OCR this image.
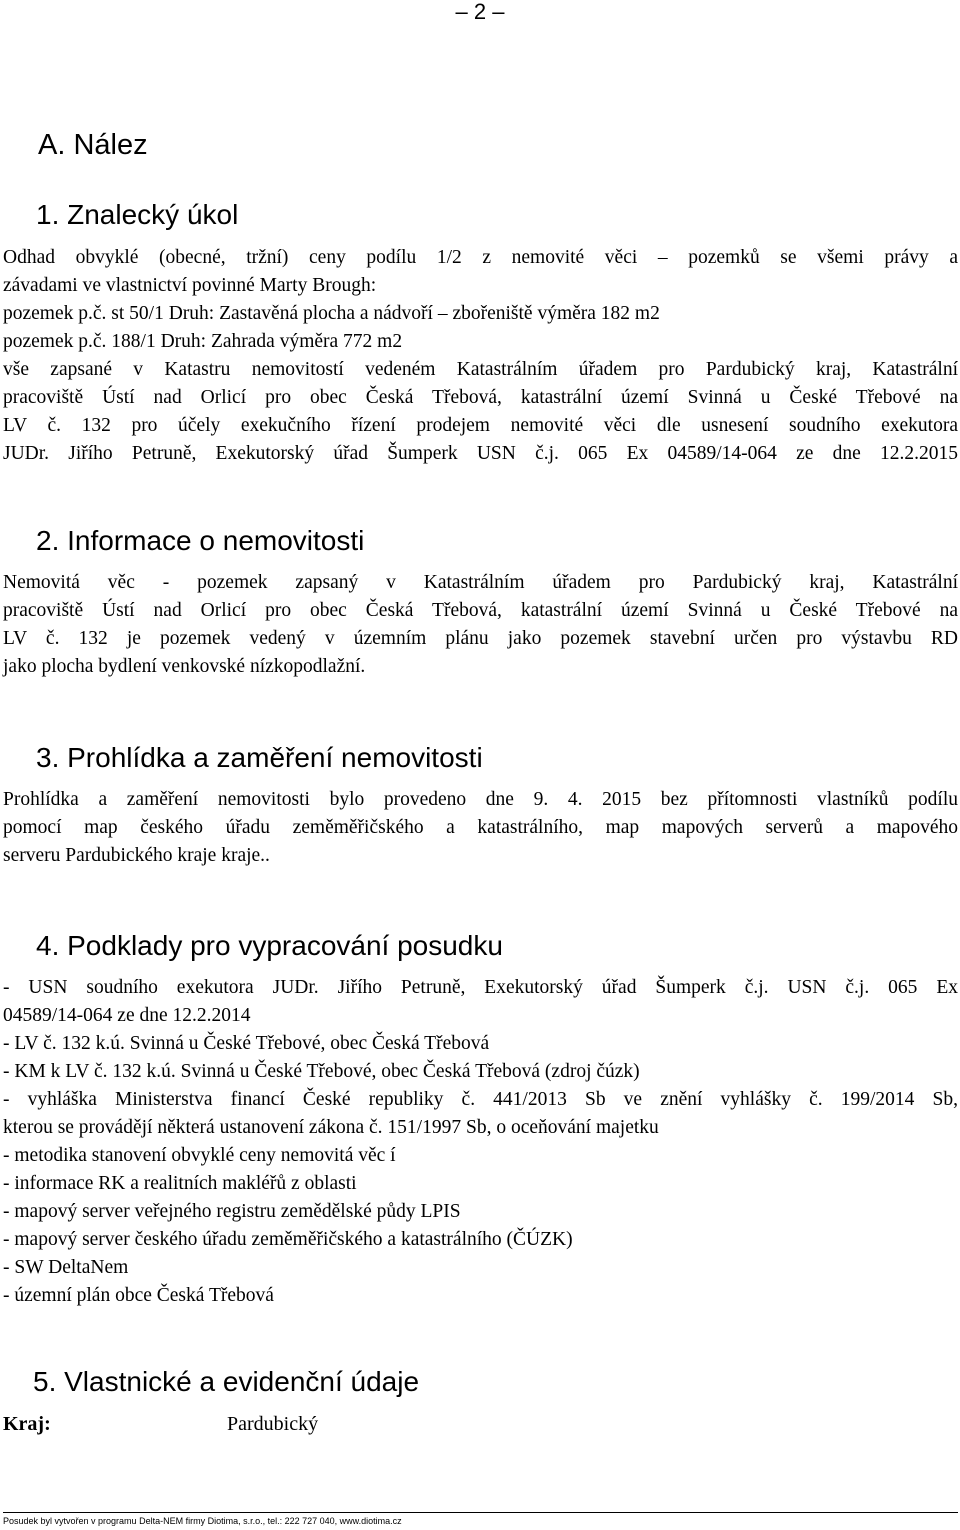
– 2 –
A. Nález
1. Znalecký úkol
Odhad obvyklé (obecné, tržní) ceny podílu 1/2 z nemovité věci – pozemků se všemi právy a
závadami ve vlastnictví povinné Marty Brough:
pozemek p.č. st 50/1 Druh: Zastavěná plocha a nádvoří – zbořeniště výměra 182 m2
pozemek p.č. 188/1 Druh: Zahrada výměra 772 m2
vše zapsané v Katastru nemovitostí vedeném Katastrálním úřadem pro Pardubický kraj, Katastrální
pracoviště Ústí nad Orlicí pro obec Česká Třebová, katastrální území Svinná u České Třebové na
LV č. 132 pro účely exekučního řízení prodejem nemovité věci dle usnesení soudního exekutora
JUDr. Jiřího Petruně, Exekutorský úřad Šumperk USN č.j. 065 Ex 04589/14-064 ze dne 12.2.2015
2. Informace o nemovitosti
Nemovitá věc - pozemek zapsaný v Katastrálním úřadem pro Pardubický kraj, Katastrální
pracoviště Ústí nad Orlicí pro obec Česká Třebová, katastrální území Svinná u České Třebové na
LV č. 132 je pozemek vedený v územním plánu jako pozemek stavební určen pro výstavbu RD
jako plocha bydlení venkovské nízkopodlažní.
3. Prohlídka a zaměření nemovitosti
Prohlídka a zaměření nemovitosti bylo provedeno dne 9. 4. 2015 bez přítomnosti vlastníků podílu
pomocí map českého úřadu zeměměřičského a katastrálního, map mapových serverů a mapového
serveru Pardubického kraje kraje..
4. Podklady pro vypracování posudku
- USN soudního exekutora JUDr. Jiřího Petruně, Exekutorský úřad Šumperk č.j. USN č.j. 065 Ex
04589/14-064 ze dne 12.2.2014
- LV č. 132 k.ú. Svinná u České Třebové, obec Česká Třebová
- KM k LV č. 132 k.ú. Svinná u České Třebové, obec Česká Třebová (zdroj čúzk)
- vyhláška Ministerstva financí České republiky č. 441/2013 Sb ve znění vyhlášky č. 199/2014 Sb,
kterou se provádějí některá ustanovení zákona č. 151/1997 Sb, o oceňování majetku
- metodika stanovení obvyklé ceny nemovitá věc í
- informace RK a realitních makléřů z oblasti
- mapový server veřejného registru zemědělské půdy LPIS
- mapový server českého úřadu zeměměřičského a katastrálního (ČÚZK)
- SW DeltaNem
- územní plán obce Česká Třebová
5. Vlastnické a evidenční údaje
Kraj:	Pardubický
Posudek byl vytvořen v programu Delta-NEM firmy Diotima, s.r.o., tel.: 222 727 040, www.diotima.cz
